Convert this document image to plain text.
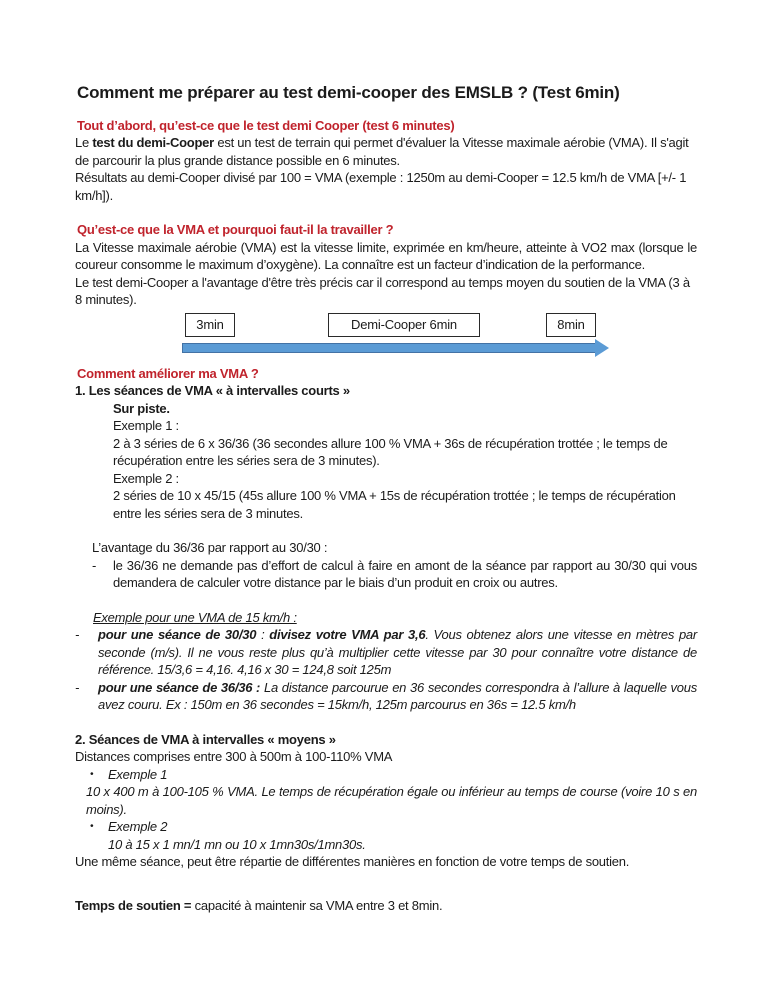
Comment me préparer au test demi-cooper des EMSLB ? (Test 6min)

Tout d’abord, qu’est-ce que le test demi Cooper (test 6 minutes)

Le test du demi-Cooper est un test de terrain qui permet d'évaluer la Vitesse maximale aérobie (VMA). Il s'agit de parcourir la plus grande distance possible en 6 minutes.

Résultats au demi-Cooper divisé par 100 = VMA (exemple : 1250m au demi-Cooper = 12.5 km/h de VMA [+/- 1 km/h]).

Qu’est-ce que la VMA et pourquoi faut-il la travailler ?

La Vitesse maximale aérobie (VMA) est la vitesse limite, exprimée en km/heure, atteinte à VO2 max (lorsque le coureur consomme le maximum d’oxygène). La connaître est un facteur d’indication de la performance.

Le test demi-Cooper a l'avantage d'être très précis car il correspond au temps moyen du soutien de la VMA (3 à 8 minutes).

3min	Demi-Cooper 6min	8min

Comment améliorer ma VMA ?

1. Les séances de VMA « à intervalles courts »

Sur piste.

Exemple 1 :

2 à 3 séries de 6 x 36/36 (36 secondes allure 100 % VMA + 36s de récupération trottée ; le temps de récupération entre les séries sera de 3 minutes).

Exemple 2 :

2 séries de 10 x 45/15 (45s allure 100 % VMA + 15s de récupération trottée ; le temps de récupération entre les séries sera de 3 minutes.

L’avantage du 36/36 par rapport au 30/30 :

-	le 36/36 ne demande pas d’effort de calcul à faire en amont de la séance par rapport au 30/30 qui vous demandera de calculer votre distance par le biais d’un produit en croix ou autres.

Exemple pour une VMA de 15 km/h :

-	pour une séance de 30/30 : divisez votre VMA par 3,6. Vous obtenez alors une vitesse en mètres par seconde (m/s). Il ne vous reste plus qu’à multiplier cette vitesse par 30 pour connaître votre distance de référence. 15/3,6 = 4,16. 4,16 x 30 = 124,8 soit 125m
-	pour une séance de 36/36 : La distance parcourue en 36 secondes correspondra à l’allure à laquelle vous avez couru. Ex : 150m en 36 secondes = 15km/h, 125m parcourus en 36s = 12.5 km/h

2. Séances de VMA à intervalles « moyens »

Distances comprises entre 300 à 500m à 100-110% VMA

•	Exemple 1

10 x 400 m à 100-105 % VMA. Le temps de récupération égale ou inférieur au temps de course (voire 10 s en moins).

•	Exemple 2

10 à 15 x 1 mn/1 mn ou 10 x 1mn30s/1mn30s.

Une même séance, peut être répartie de différentes manières en fonction de votre temps de soutien.

Temps de soutien = capacité à maintenir sa VMA entre 3 et 8min.
